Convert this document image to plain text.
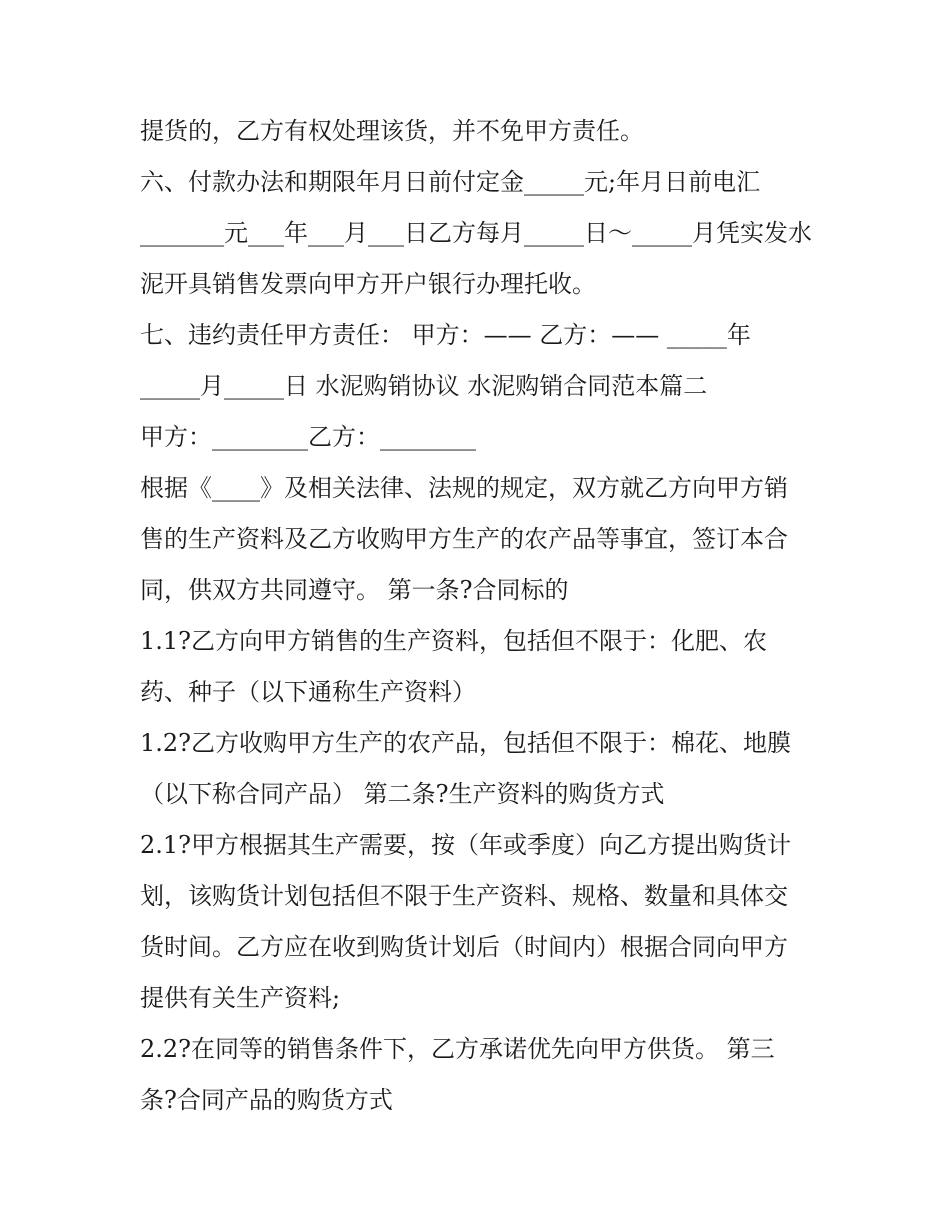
提货的，乙方有权处理该货，并不免甲方责任。
六、付款办法和期限年月日前付定金_____元;年月日前电汇
_______元___年___月___日乙方每月_____日～_____月凭实发水
泥开具销售发票向甲方开户银行办理托收。
七、违约责任甲方责任： 甲方：—— 乙方：—— _____年
_____月_____日 水泥购销协议 水泥购销合同范本篇二
甲方：________乙方：________
根据《____》及相关法律、法规的规定，双方就乙方向甲方销
售的生产资料及乙方收购甲方生产的农产品等事宜，签订本合
同，供双方共同遵守。 第一条?合同标的
1.1?乙方向甲方销售的生产资料，包括但不限于：化肥、农
药、种子（以下通称生产资料）
1.2?乙方收购甲方生产的农产品，包括但不限于：棉花、地膜
（以下称合同产品） 第二条?生产资料的购货方式
2.1?甲方根据其生产需要，按（年或季度）向乙方提出购货计
划，该购货计划包括但不限于生产资料、规格、数量和具体交
货时间。乙方应在收到购货计划后（时间内）根据合同向甲方
提供有关生产资料;
2.2?在同等的销售条件下，乙方承诺优先向甲方供货。 第三
条?合同产品的购货方式
